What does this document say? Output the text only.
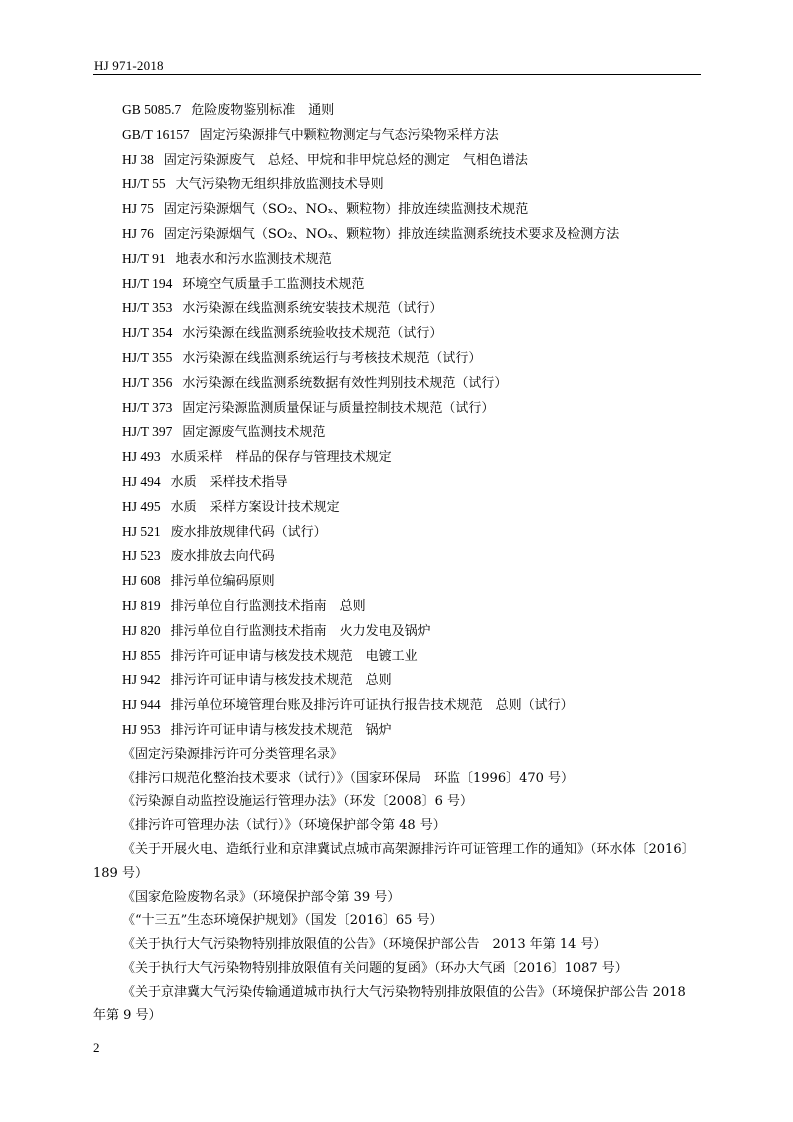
HJ 971-2018
GB 5085.7 危险废物鉴别标准　通则
GB/T 16157 固定污染源排气中颗粒物测定与气态污染物采样方法
HJ 38 固定污染源废气　总烃、甲烷和非甲烷总烃的测定　气相色谱法
HJ/T 55 大气污染物无组织排放监测技术导则
HJ 75 固定污染源烟气（SO₂、NOₓ、颗粒物）排放连续监测技术规范
HJ 76 固定污染源烟气（SO₂、NOₓ、颗粒物）排放连续监测系统技术要求及检测方法
HJ/T 91 地表水和污水监测技术规范
HJ/T 194 环境空气质量手工监测技术规范
HJ/T 353 水污染源在线监测系统安装技术规范（试行）
HJ/T 354 水污染源在线监测系统验收技术规范（试行）
HJ/T 355 水污染源在线监测系统运行与考核技术规范（试行）
HJ/T 356 水污染源在线监测系统数据有效性判别技术规范（试行）
HJ/T 373 固定污染源监测质量保证与质量控制技术规范（试行）
HJ/T 397 固定源废气监测技术规范
HJ 493 水质采样　样品的保存与管理技术规定
HJ 494 水质　采样技术指导
HJ 495 水质　采样方案设计技术规定
HJ 521 废水排放规律代码（试行）
HJ 523 废水排放去向代码
HJ 608 排污单位编码原则
HJ 819 排污单位自行监测技术指南　总则
HJ 820 排污单位自行监测技术指南　火力发电及锅炉
HJ 855 排污许可证申请与核发技术规范　电镀工业
HJ 942 排污许可证申请与核发技术规范　总则
HJ 944 排污单位环境管理台账及排污许可证执行报告技术规范　总则（试行）
HJ 953 排污许可证申请与核发技术规范　锅炉
《固定污染源排污许可分类管理名录》
《排污口规范化整治技术要求（试行）》（国家环保局　环监〔1996〕470 号）
《污染源自动监控设施运行管理办法》（环发〔2008〕6 号）
《排污许可管理办法（试行）》（环境保护部令第 48 号）
《关于开展火电、造纸行业和京津冀试点城市高架源排污许可证管理工作的通知》（环水体〔2016〕189 号）
《国家危险废物名录》（环境保护部令第 39 号）
《“十三五”生态环境保护规划》（国发〔2016〕65 号）
《关于执行大气污染物特别排放限值的公告》（环境保护部公告　2013 年第 14 号）
《关于执行大气污染物特别排放限值有关问题的复函》（环办大气函〔2016〕1087 号）
《关于京津冀大气污染传输通道城市执行大气污染物特别排放限值的公告》（环境保护部公告 2018 年第 9 号）
2
